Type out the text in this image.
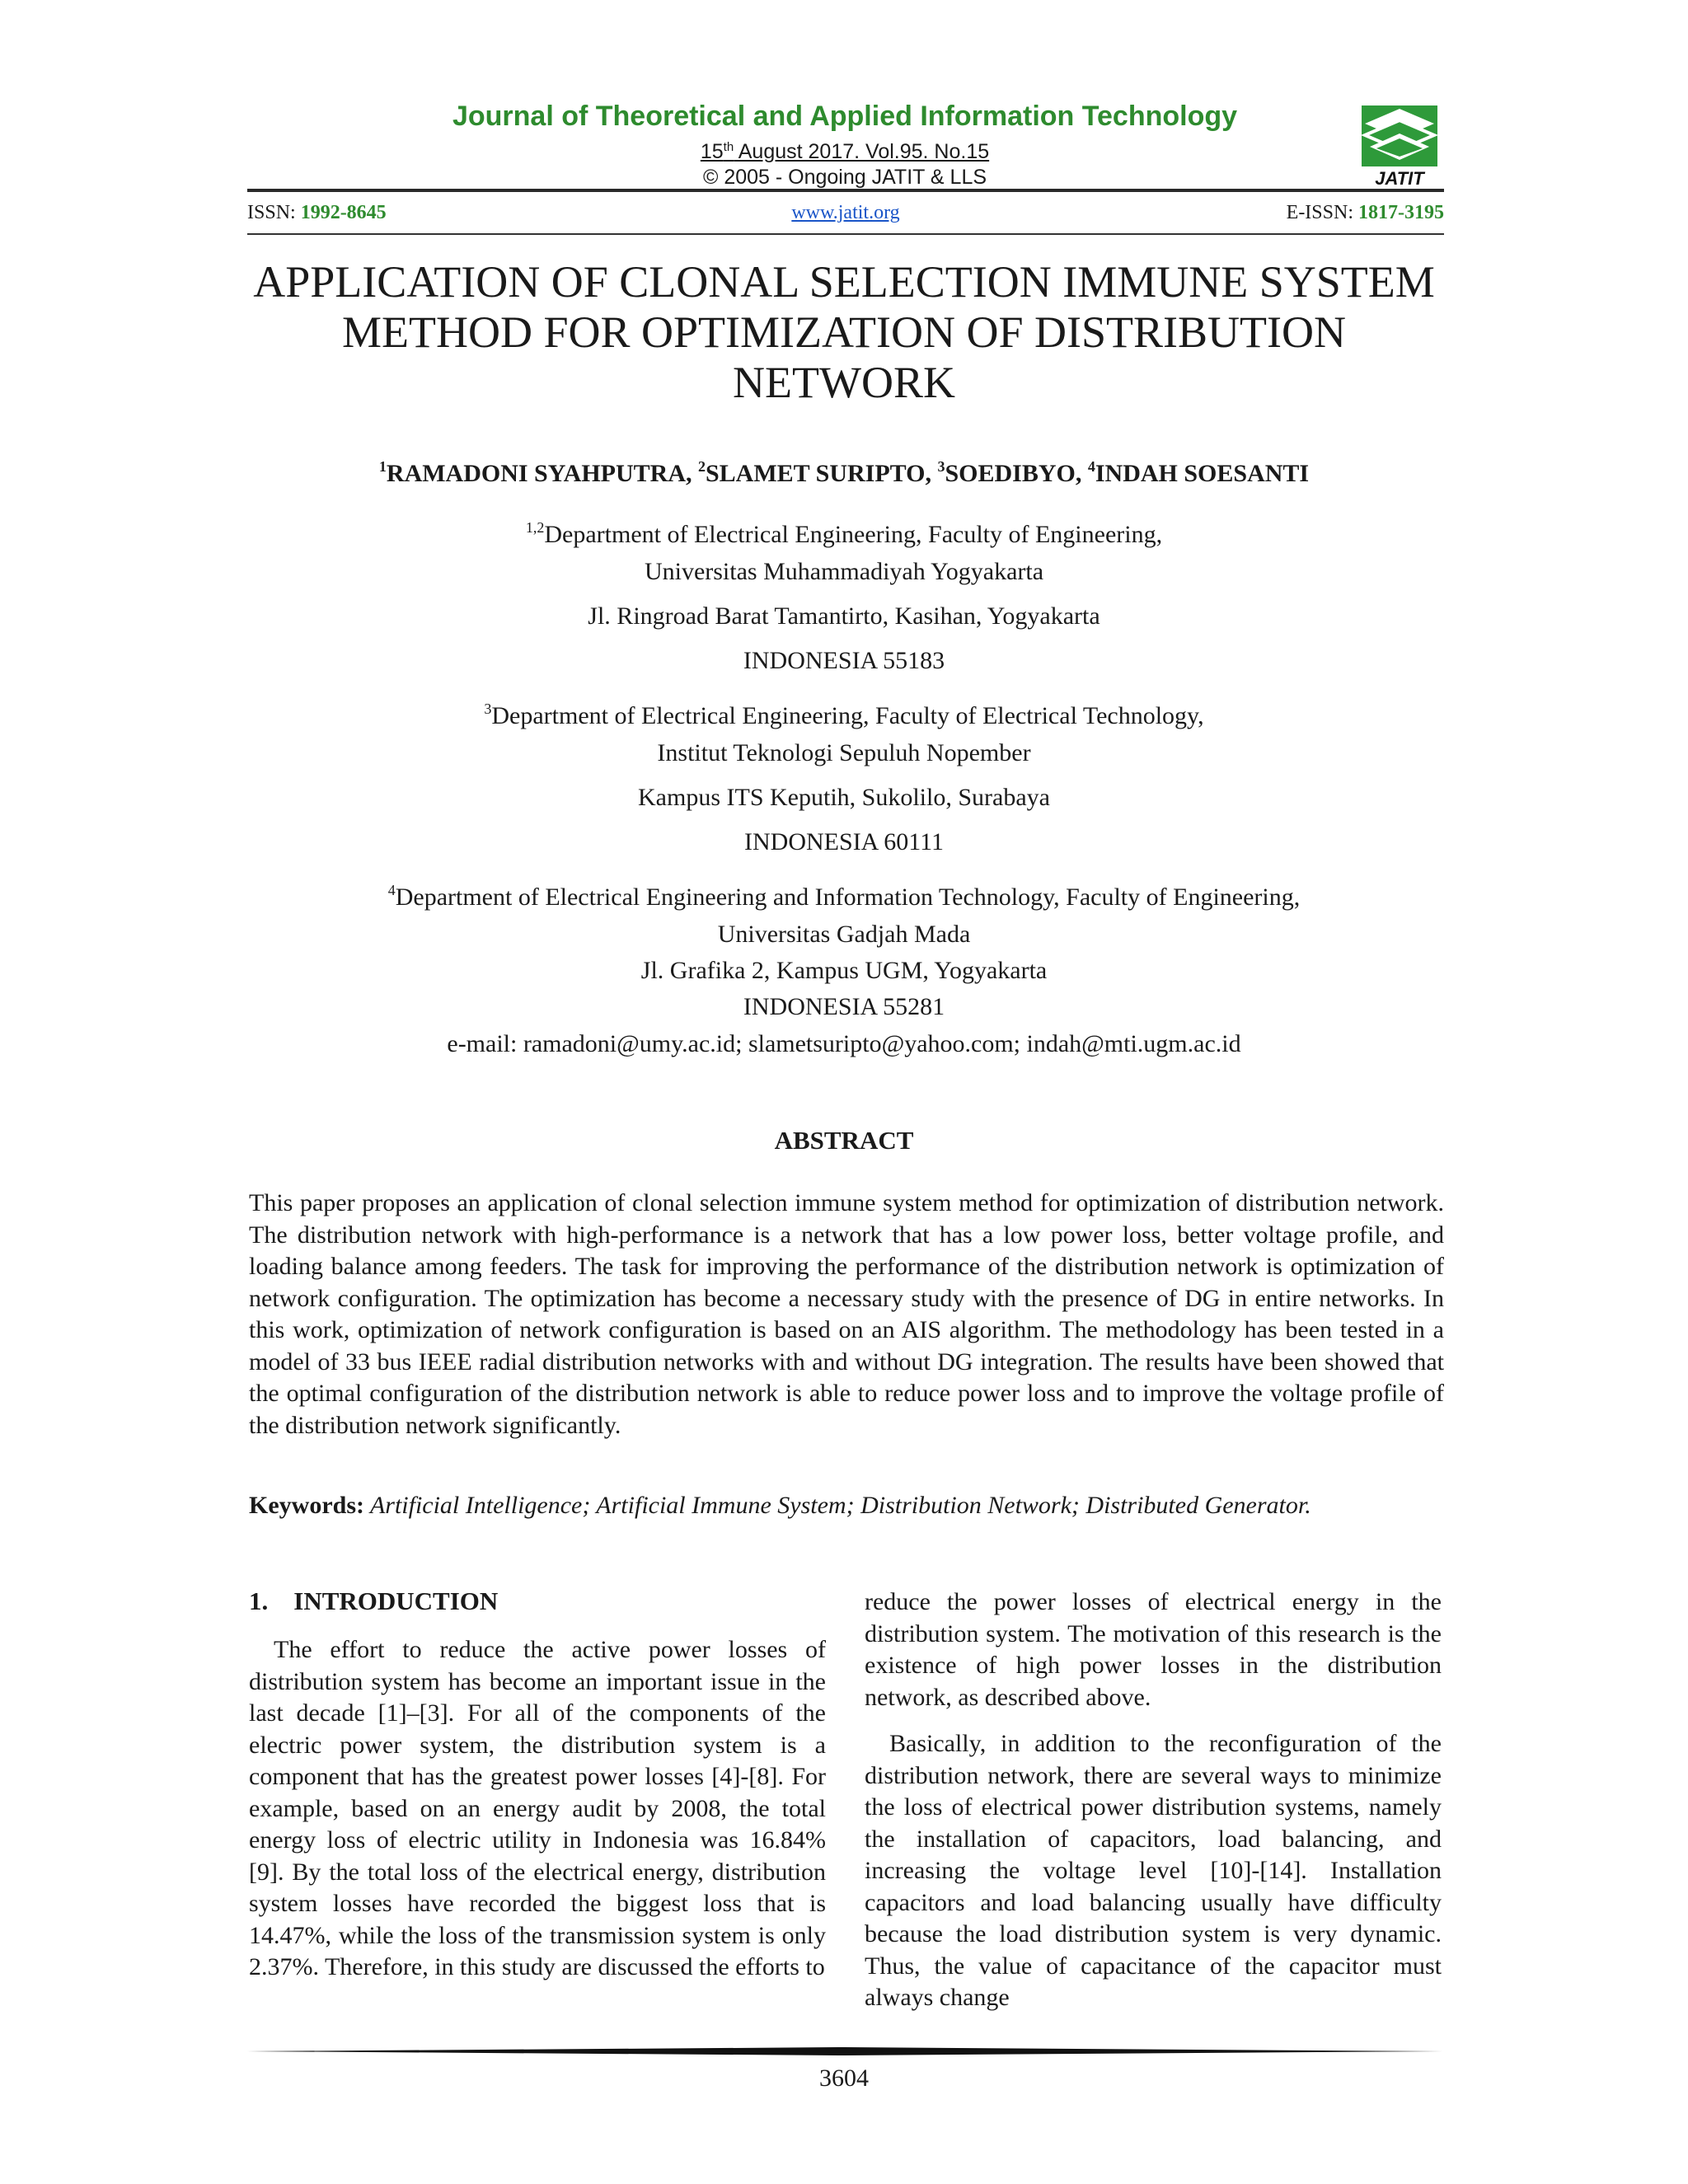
Journal of Theoretical and Applied Information Technology
15th August 2017. Vol.95. No.15
© 2005 - Ongoing JATIT & LLS	JATIT
ISSN: 1992-8645	www.jatit.org	E-ISSN: 1817-3195
APPLICATION OF CLONAL SELECTION IMMUNE SYSTEM
METHOD FOR OPTIMIZATION OF DISTRIBUTION
NETWORK
$^1$RAMADONI SYAHPUTRA, $^2$SLAMET SURIPTO, $^3$SOEDIBYO, $^4$INDAH SOESANTI
$^{1,2}$Department of Electrical Engineering, Faculty of Engineering,
Universitas Muhammadiyah Yogyakarta
Jl. Ringroad Barat Tamantirto, Kasihan, Yogyakarta
INDONESIA 55183
$^3$Department of Electrical Engineering, Faculty of Electrical Technology,
Institut Teknologi Sepuluh Nopember
Kampus ITS Keputih, Sukolilo, Surabaya
INDONESIA 60111
$^4$Department of Electrical Engineering and Information Technology, Faculty of Engineering,
Universitas Gadjah Mada
Jl. Grafika 2, Kampus UGM, Yogyakarta
INDONESIA 55281
e-mail: ramadoni@umy.ac.id; slametsuripto@yahoo.com; indah@mti.ugm.ac.id
ABSTRACT
This paper proposes an application of clonal selection immune system method for optimization of distribution network. The distribution network with high-performance is a network that has a low power loss, better voltage profile, and loading balance among feeders. The task for improving the performance of the distribution network is optimization of network configuration. The optimization has become a necessary study with the presence of DG in entire networks. In this work, optimization of network configuration is based on an AIS algorithm. The methodology has been tested in a model of 33 bus IEEE radial distribution networks with and without DG integration. The results have been showed that the optimal configuration of the distribution network is able to reduce power loss and to improve the voltage profile of the distribution network significantly.
Keywords: Artificial Intelligence; Artificial Immune System; Distribution Network; Distributed Generator.
1.    INTRODUCTION

The effort to reduce the active power losses of distribution system has become an important issue in the last decade [1]–[3]. For all of the components of the electric power system, the distribution system is a component that has the greatest power losses [4]-[8]. For example, based on an energy audit by 2008, the total energy loss of electric utility in Indonesia was 16.84% [9]. By the total loss of the electrical energy, distribution system losses have recorded the biggest loss that is 14.47%, while the loss of the transmission system is only 2.37%. Therefore, in this study are discussed the efforts to

reduce the power losses of electrical energy in the distribution system. The motivation of this research is the existence of high power losses in the distribution network, as described above.

Basically, in addition to the reconfiguration of the distribution network, there are several ways to minimize the loss of electrical power distribution systems, namely the installation of capacitors, load balancing, and increasing the voltage level [10]-[14]. Installation capacitors and load balancing usually have difficulty because the load distribution system is very dynamic. Thus, the value of capacitance of the capacitor must always change

3604
